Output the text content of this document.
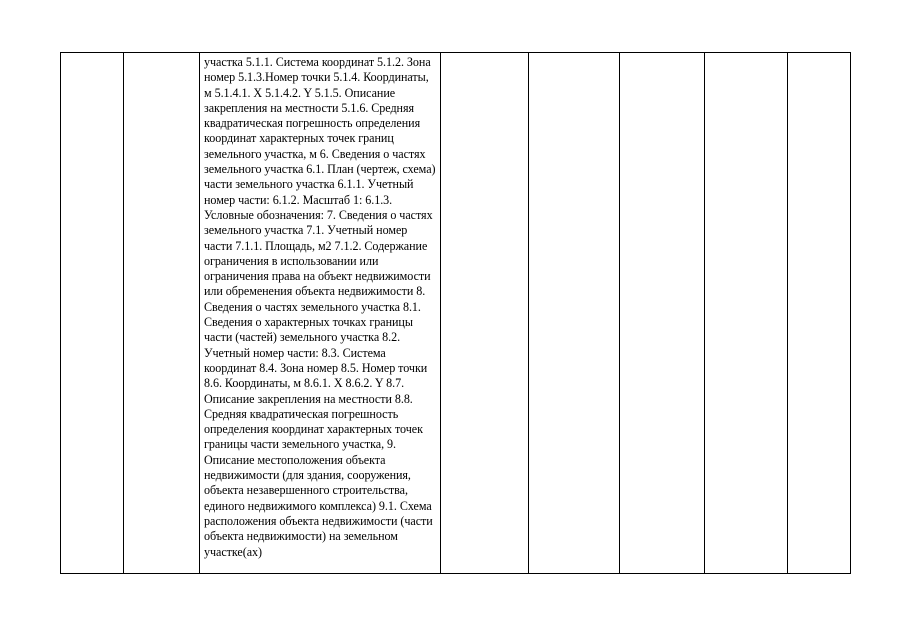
участка 5.1.1. Система координат 5.1.2. Зона номер 5.1.3.Номер точки 5.1.4. Координаты, м 5.1.4.1. X 5.1.4.2. Y 5.1.5. Описание закрепления на местности 5.1.6. Средняя квадратическая погрешность определения координат характерных точек границ земельного участка, м 6. Сведения о частях земельного участка 6.1. План (чертеж, схема) части земельного участка 6.1.1. Учетный номер части: 6.1.2. Масштаб 1: 6.1.3. Условные обозначения: 7. Сведения о частях земельного участка 7.1. Учетный номер части 7.1.1. Площадь, м2 7.1.2. Содержание ограничения в использовании или ограничения права на объект недвижимости или обременения объекта недвижимости 8. Сведения о частях земельного участка 8.1. Сведения о характерных точках границы части (частей) земельного участка 8.2. Учетный номер части: 8.3. Система координат 8.4. Зона номер 8.5. Номер точки 8.6. Координаты, м 8.6.1. X 8.6.2. Y 8.7. Описание закрепления на местности 8.8. Средняя квадратическая погрешность определения координат характерных точек границы части земельного участка, 9. Описание местоположения объекта недвижимости (для здания, сооружения, объекта незавершенного строительства, единого недвижимого комплекса) 9.1. Схема расположения объекта недвижимости (части объекта недвижимости) на земельном участке(ах)
